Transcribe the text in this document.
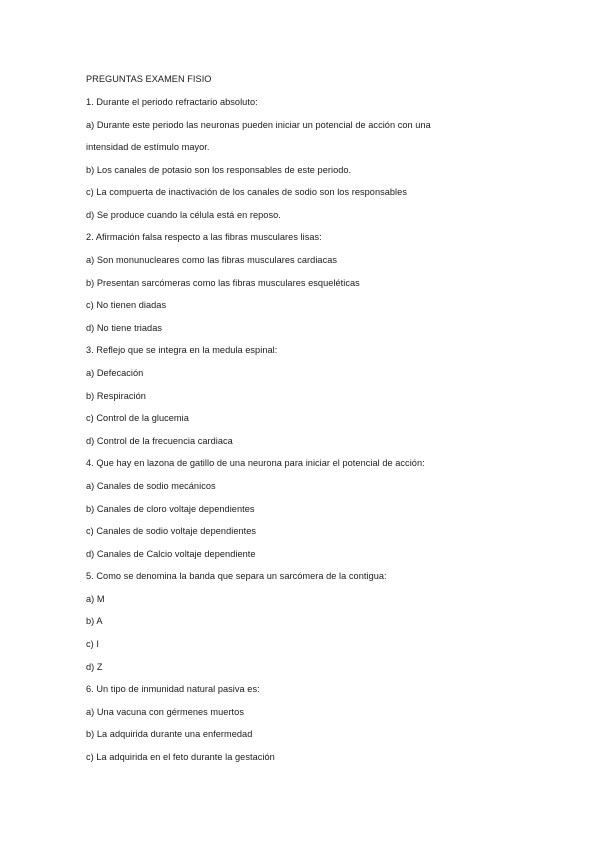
PREGUNTAS EXAMEN FISIO

1. Durante el periodo refractario absoluto:

a) Durante este periodo las neuronas pueden iniciar un potencial de acción con una

intensidad de estímulo mayor.

b) Los canales de potasio son los responsables de este periodo.

c) La compuerta de inactivación de los canales de sodio son los responsables

d) Se produce cuando la célula está en reposo.

2. Afirmación falsa respecto a las fibras musculares lisas:

a) Son monunucleares como las fibras musculares cardiacas

b) Presentan sarcómeras como las fibras musculares esqueléticas

c) No tienen diadas

d) No tiene triadas

3. Reflejo que se integra en la medula espinal:

a) Defecación

b) Respiración

c) Control de la glucemia

d) Control de la frecuencia cardiaca

4. Que hay en lazona de gatillo de una neurona para iniciar el potencial de acción:

a) Canales de sodio mecánicos

b) Canales de cloro voltaje dependientes

c) Canales de sodio voltaje dependientes

d) Canales de Calcio voltaje dependiente

5. Como se denomina la banda que separa un sarcómera de la contigua:

a) M

b) A

c) I

d) Z

6. Un tipo de inmunidad natural pasiva es:

a) Una vacuna con gérmenes muertos

b) La adquirida durante una enfermedad

c) La adquirida en el feto durante la gestación
